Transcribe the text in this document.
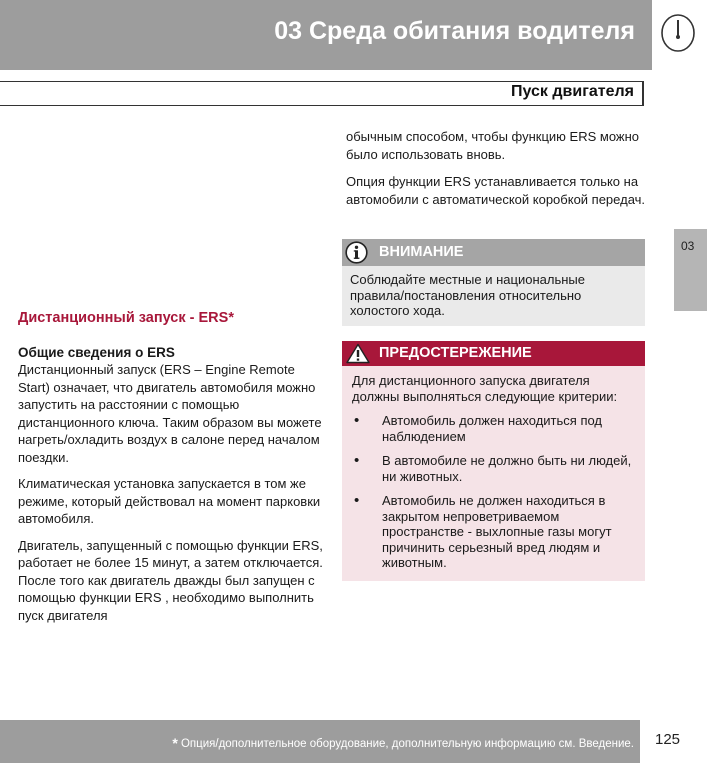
03 Среда обитания водителя
Пуск двигателя
03
Дистанционный запуск - ERS*

Общие сведения о ERS

Дистанционный запуск (ERS – Engine Remote Start) означает, что двигатель автомобиля можно запустить на расстоянии с помощью дистанционного ключа. Таким образом вы можете нагреть/охладить воздух в салоне перед началом поездки.

Климатическая установка запускается в том же режиме, который действовал на момент парковки автомобиля.

Двигатель, запущенный с помощью функции ERS, работает не более 15 минут, а затем отключается. После того как двигатель дважды был запущен с помощью функции ERS , необходимо выполнить пуск двигателя

обычным способом, чтобы функцию ERS можно было использовать вновь.

Опция функции ERS устанавливается только на автомобили с автоматической коробкой передач.

ВНИМАНИЕ
Соблюдайте местные и национальные правила/постановления относительно холостого хода.
ПРЕДОСТЕРЕЖЕНИЕ

Для дистанционного запуска двигателя должны выполняться следующие критерии:

• Автомобиль должен находиться под наблюдением
• В автомобиле не должно быть ни людей, ни животных.
• Автомобиль не должен находиться в закрытом непроветриваемом пространстве - выхлопные газы могут причинить серьезный вред людям и животным.
* Опция/дополнительное оборудование, дополнительную информацию см. Введение. 125
